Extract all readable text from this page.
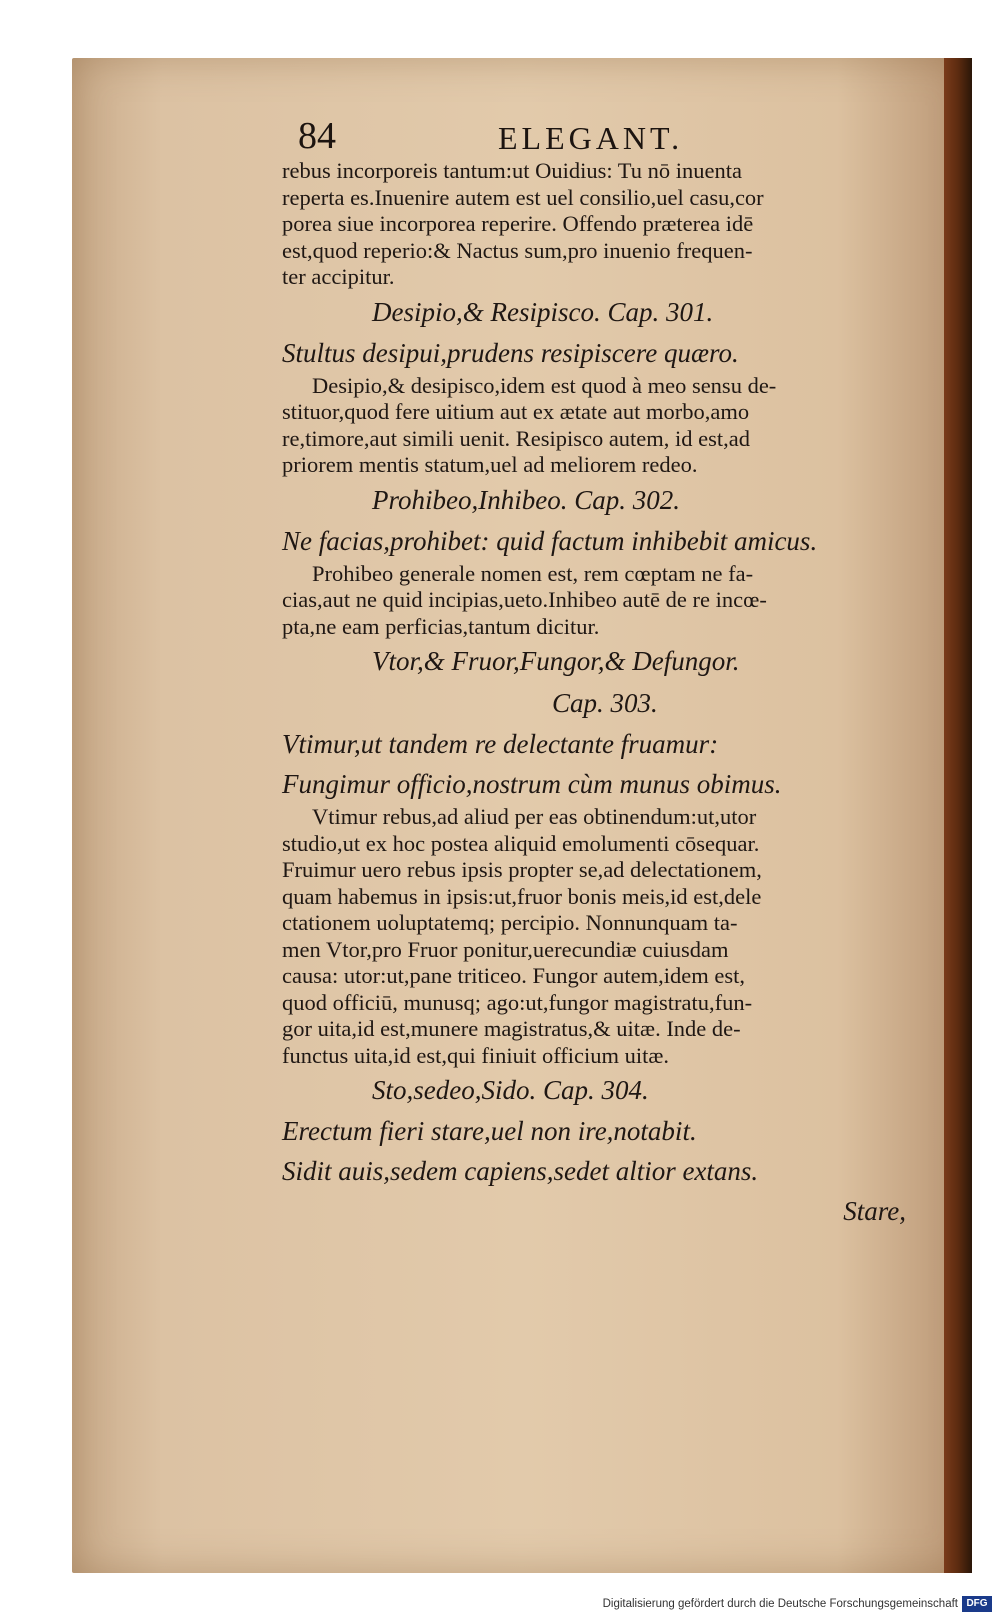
84	ELEGANT.
rebus incorporeis tantum:ut Ouidius: Tu nō inuenta
reperta es.Inuenire autem est uel consilio,uel casu,cor
porea siue incorporea reperire. Offendo præterea idē
est,quod reperio:& Nactus sum,pro inuenio frequen-
ter accipitur.
Desipio,& Resipisco. Cap. 301.
Stultus desipui,prudens resipiscere quæro.
Desipio,& desipisco,idem est quod à meo sensu de-
stituor,quod fere uitium aut ex ætate aut morbo,amo
re,timore,aut simili uenit. Resipisco autem, id est,ad
priorem mentis statum,uel ad meliorem redeo.
Prohibeo,Inhibeo. Cap. 302.
Ne facias,prohibet: quid factum inhibebit amicus.
Prohibeo generale nomen est, rem cœptam ne fa-
cias,aut ne quid incipias,ueto.Inhibeo autē de re incœ-
pta,ne eam perficias,tantum dicitur.
Vtor,& Fruor,Fungor,& Defungor.
Cap. 303.
Vtimur,ut tandem re delectante fruamur:
Fungimur officio,nostrum cùm munus obimus.
Vtimur rebus,ad aliud per eas obtinendum:ut,utor
studio,ut ex hoc postea aliquid emolumenti cōsequar.
Fruimur uero rebus ipsis propter se,ad delectationem,
quam habemus in ipsis:ut,fruor bonis meis,id est,dele
ctationem uoluptatemq; percipio. Nonnunquam ta-
men Vtor,pro Fruor ponitur,uerecundiæ cuiusdam
causa: utor:ut,pane triticeo. Fungor autem,idem est,
quod officiū, munusq; ago:ut,fungor magistratu,fun-
gor uita,id est,munere magistratus,& uitæ. Inde de-
functus uita,id est,qui finiuit officium uitæ.
Sto,sedeo,Sido. Cap. 304.
Erectum fieri stare,uel non ire,notabit.
Sidit auis,sedem capiens,sedet altior extans.
Stare,
Digitalisierung gefördert durch die Deutsche Forschungsgemeinschaft DFG
